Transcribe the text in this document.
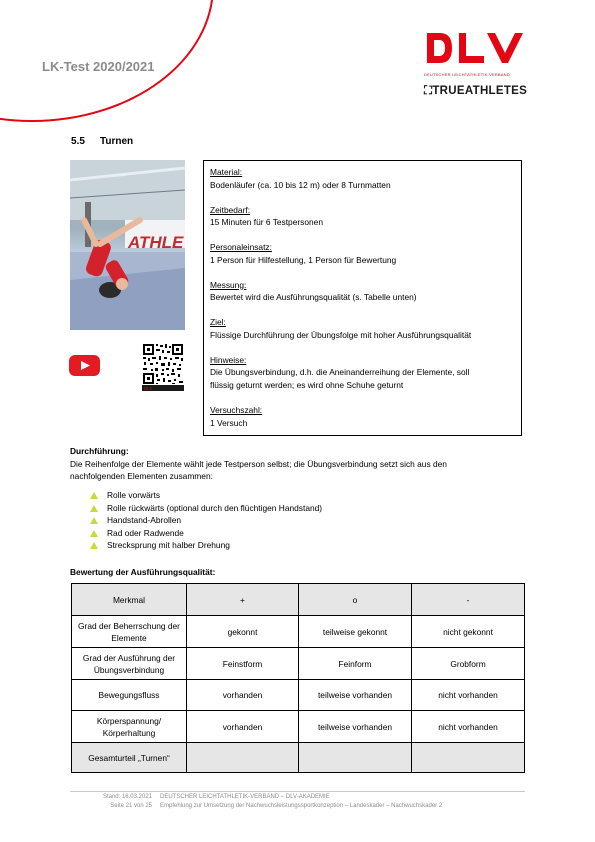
LK-Test 2020/2021
DEUTSCHER LEICHTATHLETIK-VERBAND
⛶TRUEATHLETES
5.5 Turnen
ATHLE
DLV
Material:
Bodenläufer (ca. 10 bis 12 m) oder 8 Turnmatten
Zeitbedarf:
15 Minuten für 6 Testpersonen
Personaleinsatz:
1 Person für Hilfestellung, 1 Person für Bewertung
Messung:
Bewertet wird die Ausführungsqualität (s. Tabelle unten)
Ziel:
Flüssige Durchführung der Übungsfolge mit hoher Ausführungsqualität
Hinweise:
Die Übungsverbindung, d.h. die Aneinanderreihung der Elemente, soll
flüssig geturnt werden; es wird ohne Schuhe geturnt
Versuchszahl:
1 Versuch
Durchführung:
Die Reihenfolge der Elemente wählt jede Testperson selbst; die Übungsverbindung setzt sich aus den
nachfolgenden Elementen zusammen:
Rolle vorwärts
Rolle rückwärts (optional durch den flüchtigen Handstand)
Handstand-Abrollen
Rad oder Radwende
Strecksprung mit halber Drehung
Bewertung der Ausführungsqualität:
Merkmal	+	o	-
Grad der Beherrschung der Elemente	gekonnt	teilweise gekonnt	nicht gekonnt
Grad der Ausführung der Übungsverbindung	Feinstform	Feinform	Grobform
Bewegungsfluss	vorhanden	teilweise vorhanden	nicht vorhanden
Körperspannung/ Körperhaltung	vorhanden	teilweise vorhanden	nicht vorhanden
Gesamturteil „Turnen“			
Stand: 16.03.2021
Seite 21 von 25
DEUTSCHER LEICHTATHLETIK-VERBAND – DLV-AKADEMIE
Empfehlung zur Umsetzung der Nachwuchsleistungssportkonzeption – Landeskader – Nachwuchskader 2
